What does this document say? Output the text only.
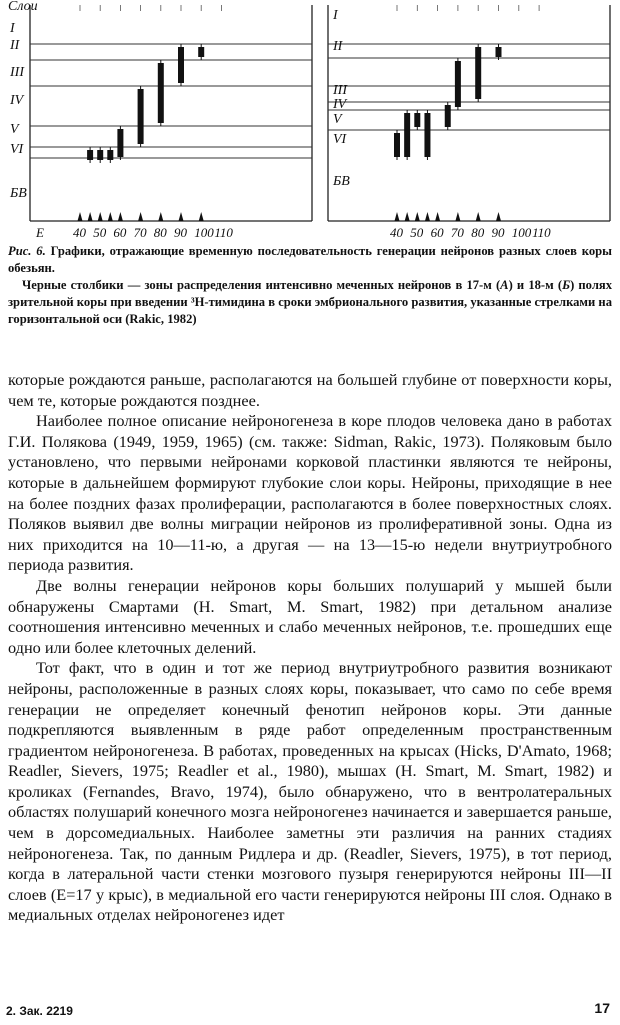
I
II
III
IV
V
VI
БВ
Слои
E 40 50 60 70 80 90 100 110
I
II
III
IV
V
VI
БВ
40 50 60 70 80 90 100 110
Рис. 6. Графики, отражающие временную последовательность генерации нейронов разных слоев коры обезьян.
Черные столбики — зоны распределения интенсивно меченных нейронов в 17-м (А) и 18-м (Б) полях зрительной коры при введении ³Н-тимидина в сроки эмбрионального развития, указанные стрелками на горизонтальной оси (Rakic, 1982)

которые рождаются раньше, располагаются на большей глубине от поверхности коры, чем те, которые рождаются позднее.

Наиболее полное описание нейроногенеза в коре плодов человека дано в работах Г.И. Полякова (1949, 1959, 1965) (см. также: Sidman, Rakic, 1973). Поляковым было установлено, что первыми нейронами корковой пластинки являются те нейроны, которые в дальнейшем формируют глубокие слои коры. Нейроны, приходящие в нее на более поздних фазах пролиферации, располагаются в более поверхностных слоях. Поляков выявил две волны миграции нейронов из пролиферативной зоны. Одна из них приходится на 10—11-ю, а другая — на 13—15-ю недели внутриутробного периода развития.

Две волны генерации нейронов коры больших полушарий у мышей были обнаружены Смартами (H. Smart, M. Smart, 1982) при детальном анализе соотношения интенсивно меченных и слабо меченных нейронов, т.е. прошедших еще одно или более клеточных делений.

Тот факт, что в один и тот же период внутриутробного развития возникают нейроны, расположенные в разных слоях коры, показывает, что само по себе время генерации не определяет конечный фенотип нейронов коры. Эти данные подкрепляются выявленным в ряде работ определенным пространственным градиентом нейроногенеза. В работах, проведенных на крысах (Hicks, D'Amato, 1968; Readler, Sievers, 1975; Readler et al., 1980), мышах (H. Smart, M. Smart, 1982) и кроликах (Fernandes, Bravo, 1974), было обнаружено, что в вентролатеральных областях полушарий конечного мозга нейроногенез начинается и завершается раньше, чем в дорсомедиальных. Наиболее заметны эти различия на ранних стадиях нейроногенеза. Так, по данным Ридлера и др. (Readler, Sievers, 1975), в тот период, когда в латеральной части стенки мозгового пузыря генерируются нейроны III—II слоев (E=17 у крыс), в медиальной его части генерируются нейроны III слоя. Однако в медиальных отделах нейроногенез идет

2. Зак. 2219	17
